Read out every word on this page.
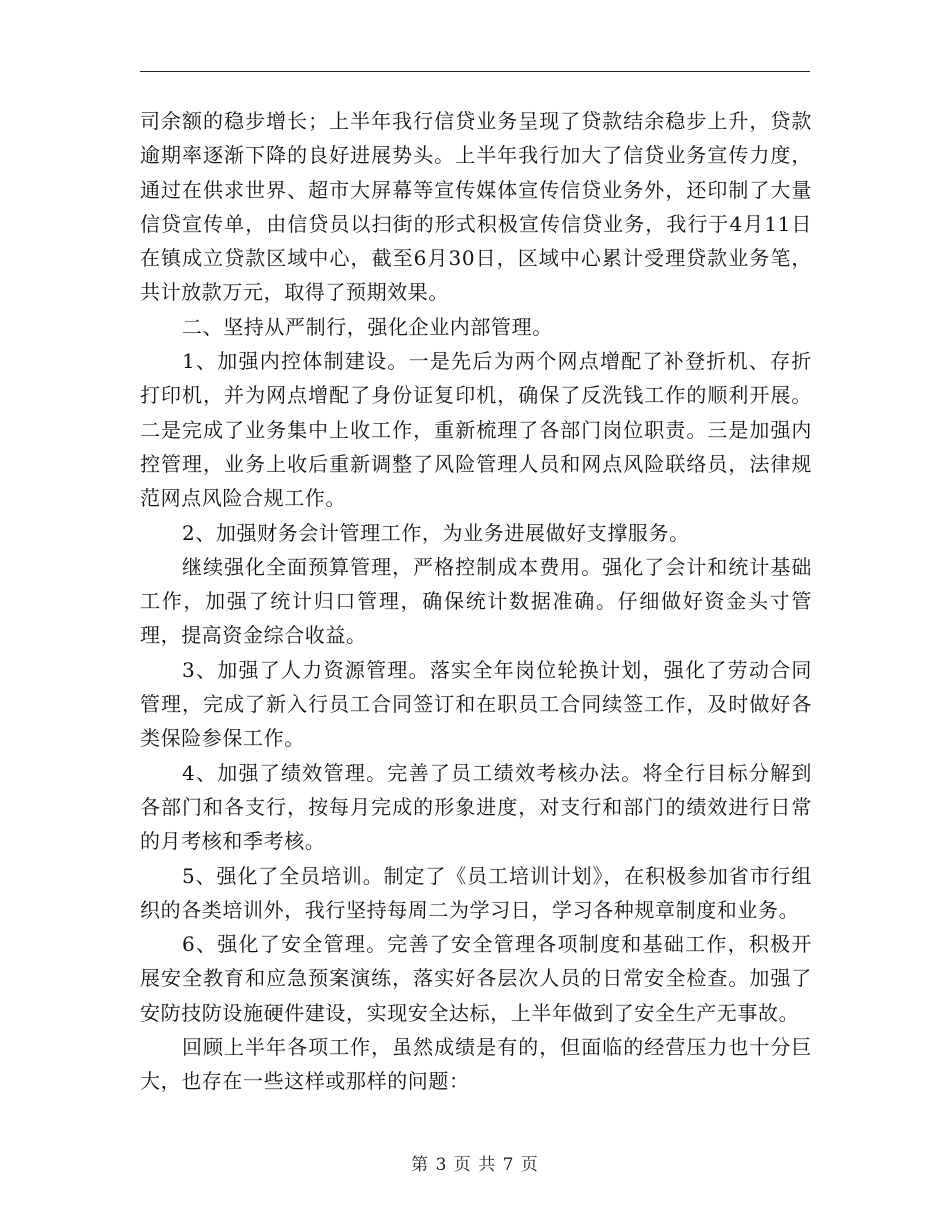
司余额的稳步增长；上半年我行信贷业务呈现了贷款结余稳步上升，贷款逾期率逐渐下降的良好进展势头。上半年我行加大了信贷业务宣传力度，通过在供求世界、超市大屏幕等宣传媒体宣传信贷业务外，还印制了大量信贷宣传单，由信贷员以扫街的形式积极宣传信贷业务，我行于4月11日在镇成立贷款区域中心，截至6月30日，区域中心累计受理贷款业务笔，共计放款万元，取得了预期效果。

二、坚持从严制行，强化企业内部管理。

1、加强内控体制建设。一是先后为两个网点增配了补登折机、存折打印机，并为网点增配了身份证复印机，确保了反洗钱工作的顺利开展。二是完成了业务集中上收工作，重新梳理了各部门岗位职责。三是加强内控管理，业务上收后重新调整了风险管理人员和网点风险联络员，法律规范网点风险合规工作。

2、加强财务会计管理工作，为业务进展做好支撑服务。

继续强化全面预算管理，严格控制成本费用。强化了会计和统计基础工作，加强了统计归口管理，确保统计数据准确。仔细做好资金头寸管理，提高资金综合收益。

3、加强了人力资源管理。落实全年岗位轮换计划，强化了劳动合同管理，完成了新入行员工合同签订和在职员工合同续签工作，及时做好各类保险参保工作。

4、加强了绩效管理。完善了员工绩效考核办法。将全行目标分解到各部门和各支行，按每月完成的形象进度，对支行和部门的绩效进行日常的月考核和季考核。

5、强化了全员培训。制定了《员工培训计划》，在积极参加省市行组织的各类培训外，我行坚持每周二为学习日，学习各种规章制度和业务。

6、强化了安全管理。完善了安全管理各项制度和基础工作，积极开展安全教育和应急预案演练，落实好各层次人员的日常安全检查。加强了安防技防设施硬件建设，实现安全达标，上半年做到了安全生产无事故。

回顾上半年各项工作，虽然成绩是有的，但面临的经营压力也十分巨大，也存在一些这样或那样的问题：

第 3 页 共 7 页
